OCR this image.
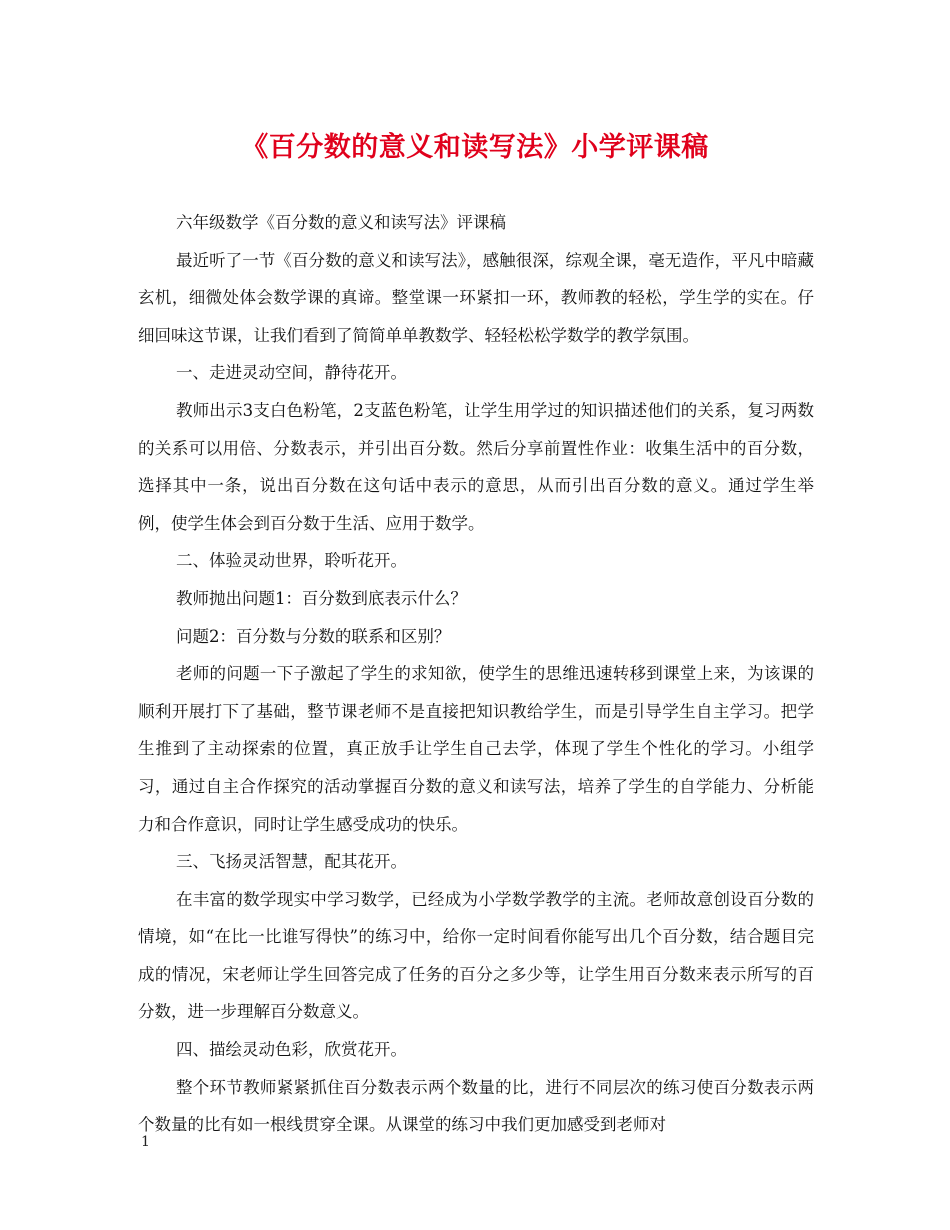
《百分数的意义和读写法》小学评课稿

六年级数学《百分数的意义和读写法》评课稿

最近听了一节《百分数的意义和读写法》，感触很深，综观全课，毫无造作，平凡中暗藏玄机，细微处体会数学课的真谛。整堂课一环紧扣一环，教师教的轻松，学生学的实在。仔细回味这节课，让我们看到了简简单单教数学、轻轻松松学数学的教学氛围。

一、走进灵动空间，静待花开。

教师出示3支白色粉笔，2支蓝色粉笔，让学生用学过的知识描述他们的关系，复习两数的关系可以用倍、分数表示，并引出百分数。然后分享前置性作业：收集生活中的百分数，选择其中一条，说出百分数在这句话中表示的意思，从而引出百分数的意义。通过学生举例，使学生体会到百分数于生活、应用于数学。

二、体验灵动世界，聆听花开。

教师抛出问题1：百分数到底表示什么？

问题2：百分数与分数的联系和区别？

老师的问题一下子激起了学生的求知欲，使学生的思维迅速转移到课堂上来，为该课的顺利开展打下了基础，整节课老师不是直接把知识教给学生，而是引导学生自主学习。把学生推到了主动探索的位置，真正放手让学生自己去学，体现了学生个性化的学习。小组学习，通过自主合作探究的活动掌握百分数的意义和读写法，培养了学生的自学能力、分析能力和合作意识，同时让学生感受成功的快乐。

三、飞扬灵活智慧，配其花开。

在丰富的数学现实中学习数学，已经成为小学数学教学的主流。老师故意创设百分数的情境，如“在比一比谁写得快”的练习中，给你一定时间看你能写出几个百分数，结合题目完成的情况，宋老师让学生回答完成了任务的百分之多少等，让学生用百分数来表示所写的百分数，进一步理解百分数意义。

四、描绘灵动色彩，欣赏花开。

整个环节教师紧紧抓住百分数表示两个数量的比，进行不同层次的练习使百分数表示两个数量的比有如一根线贯穿全课。从课堂的练习中我们更加感受到老师对

1
